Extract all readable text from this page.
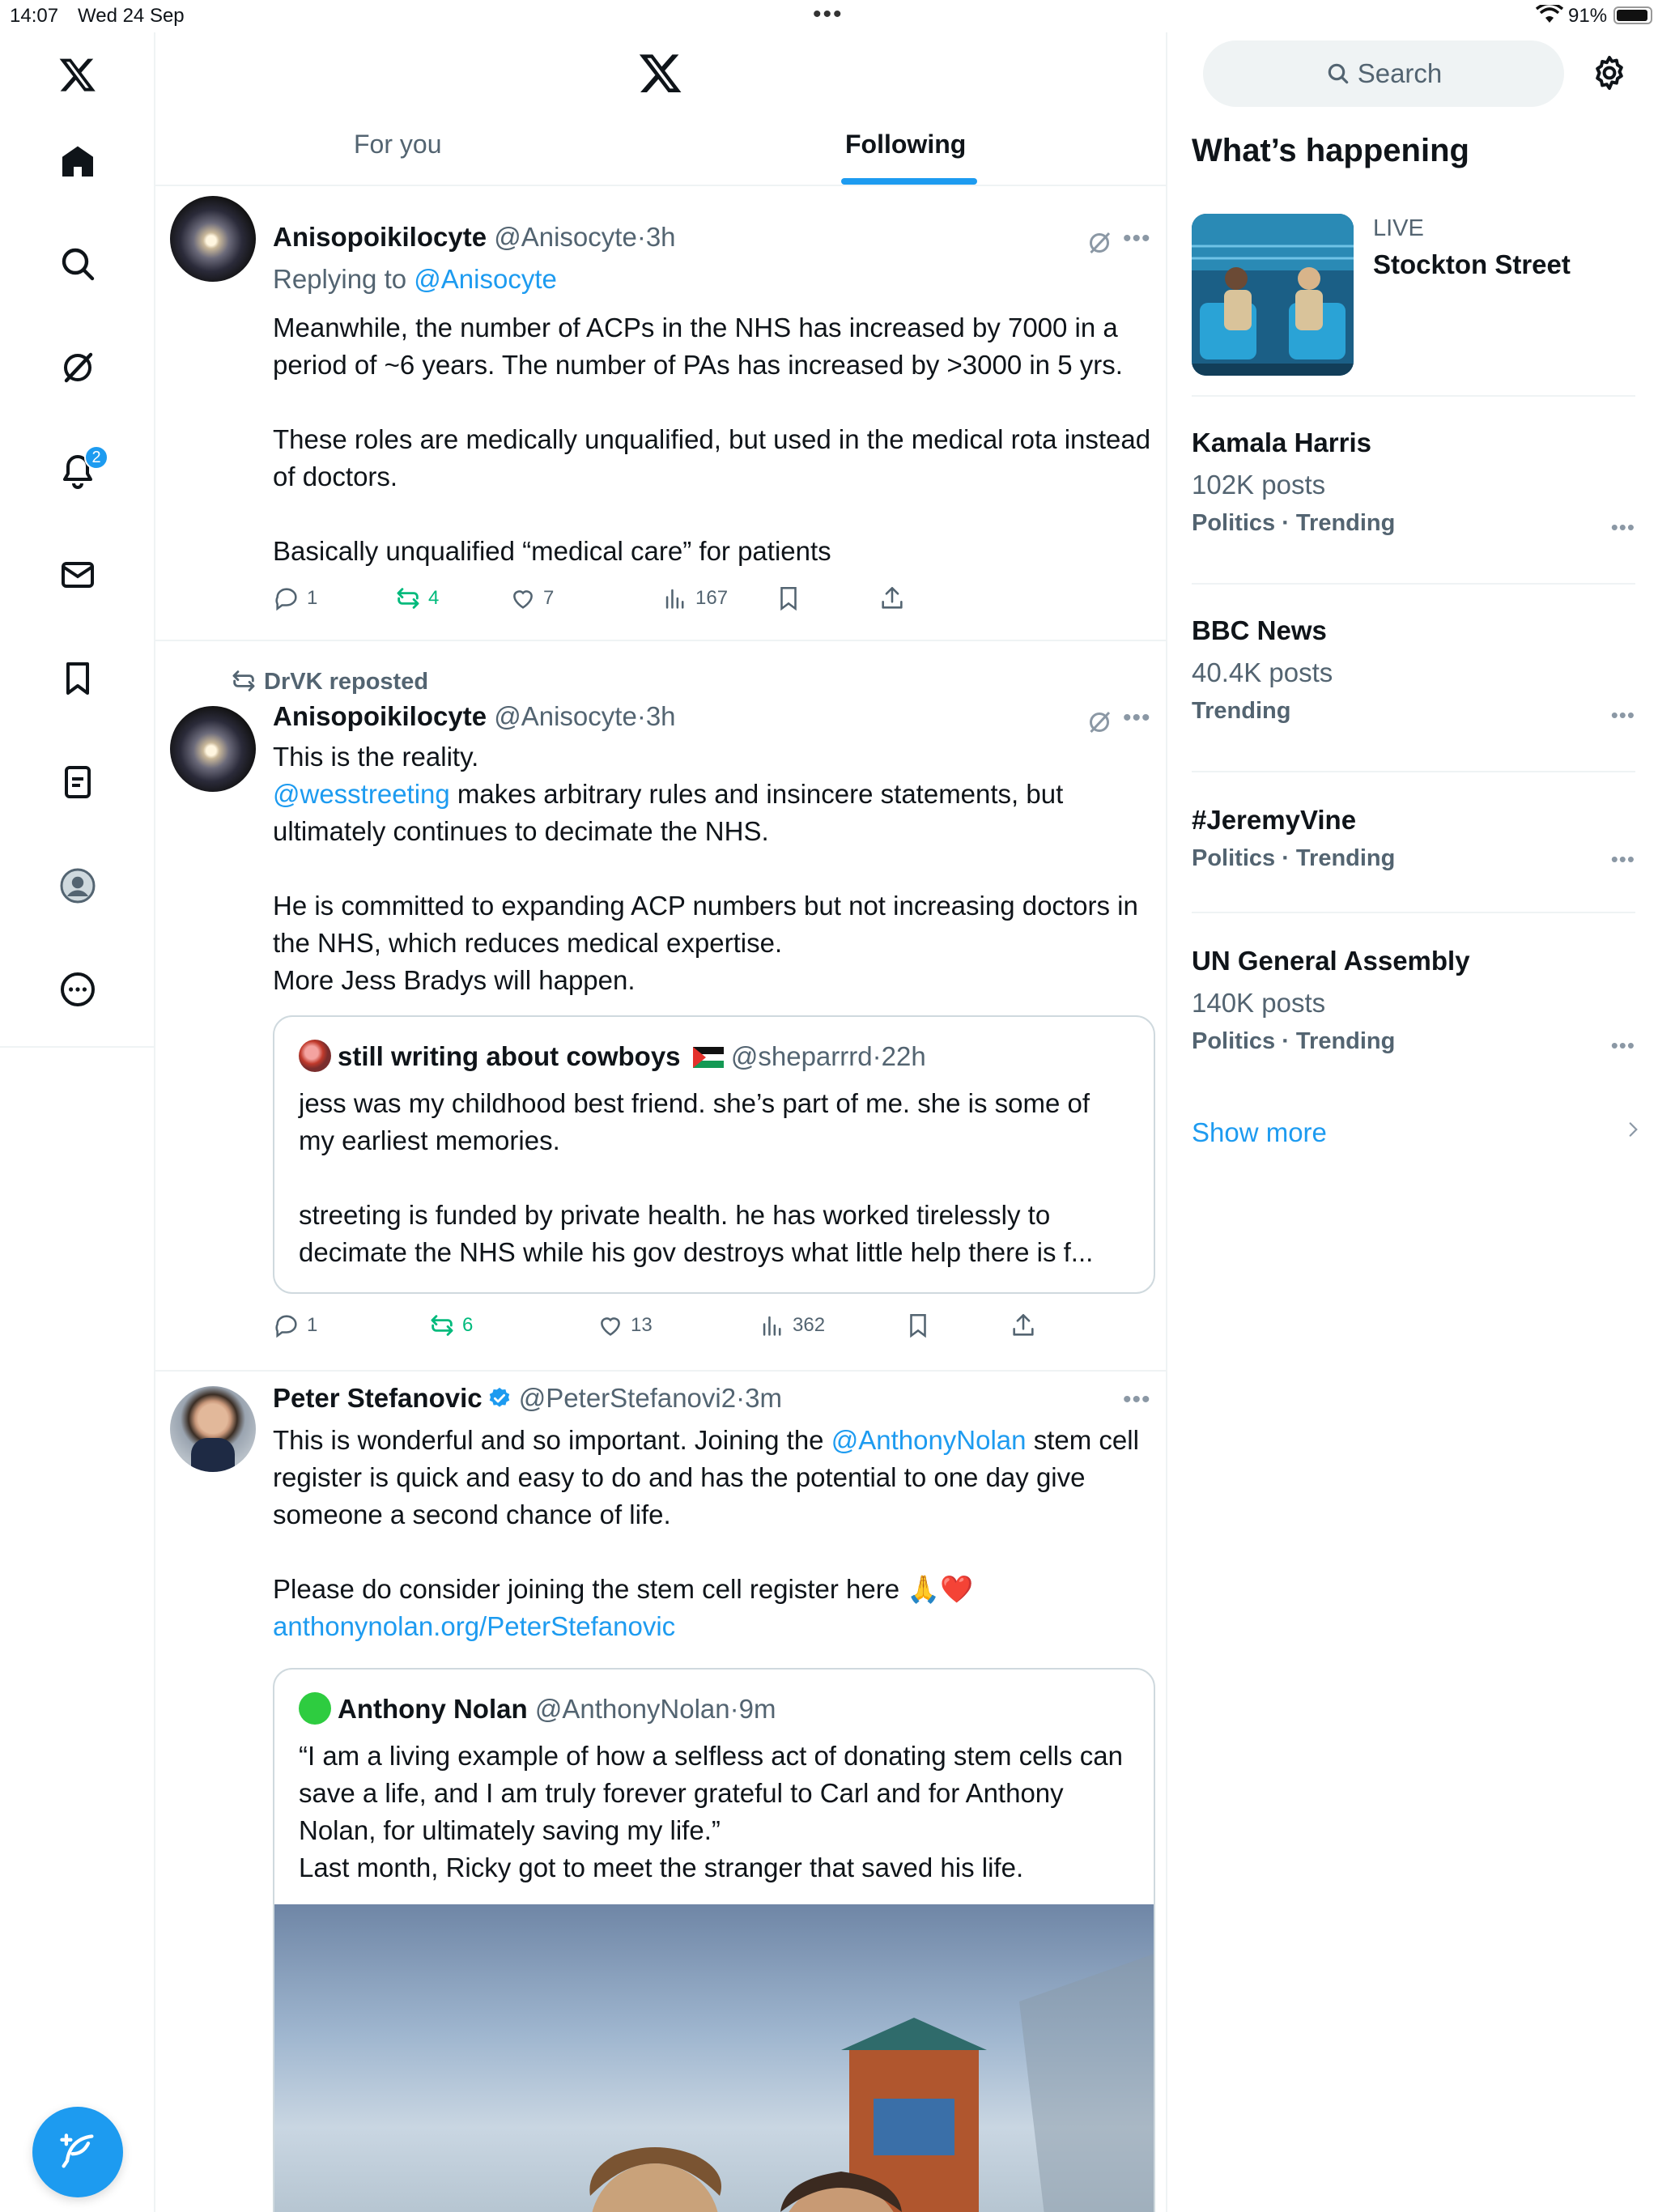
14:07 Wed 24 Sep	•••	91%
2
For you	Following
Anisopoikilocyte @Anisocyte·3h	•••

Replying to @Anisocyte

Meanwhile, the number of ACPs in the NHS has increased by 7000 in a period of ~6 years. The number of PAs has increased by >3000 in 5 yrs.

These roles are medically unqualified, but used in the medical rota instead of doctors.

Basically unqualified “medical care” for patients

1	4	7	167
DrVK reposted
Anisopoikilocyte @Anisocyte·3h	•••

This is the reality.

@wesstreeting makes arbitrary rules and insincere statements, but ultimately continues to decimate the NHS.

He is committed to expanding ACP numbers but not increasing doctors in the NHS, which reduces medical expertise.

More Jess Bradys will happen.

still writing about cowboys @sheparrrd·22h

jess was my childhood best friend. she’s part of me. she is some of my earliest memories.

streeting is funded by private health. he has worked tirelessly to decimate the NHS while his gov destroys what little help there is f...

1	6	13	362
Peter Stefanovic @PeterStefanovi2·3m	•••

This is wonderful and so important. Joining the @AnthonyNolan stem cell register is quick and easy to do and has the potential to one day give someone a second chance of life.

Please do consider joining the stem cell register here 🙏❤️

anthonynolan.org/PeterStefanovic

Anthony Nolan @AnthonyNolan·9m

“I am a living example of how a selfless act of donating stem cells can save a life, and I am truly forever grateful to Carl and for Anthony Nolan, for ultimately saving my life.”

Last month, Ricky got to meet the stranger that saved his life.

Search
What’s happening
LIVE
Stockton Street
Kamala Harris
102K posts
Politics · Trending	•••
BBC News
40.4K posts
Trending	•••
#JeremyVine
Politics · Trending	•••
UN General Assembly
140K posts
Politics · Trending	•••
Show more
